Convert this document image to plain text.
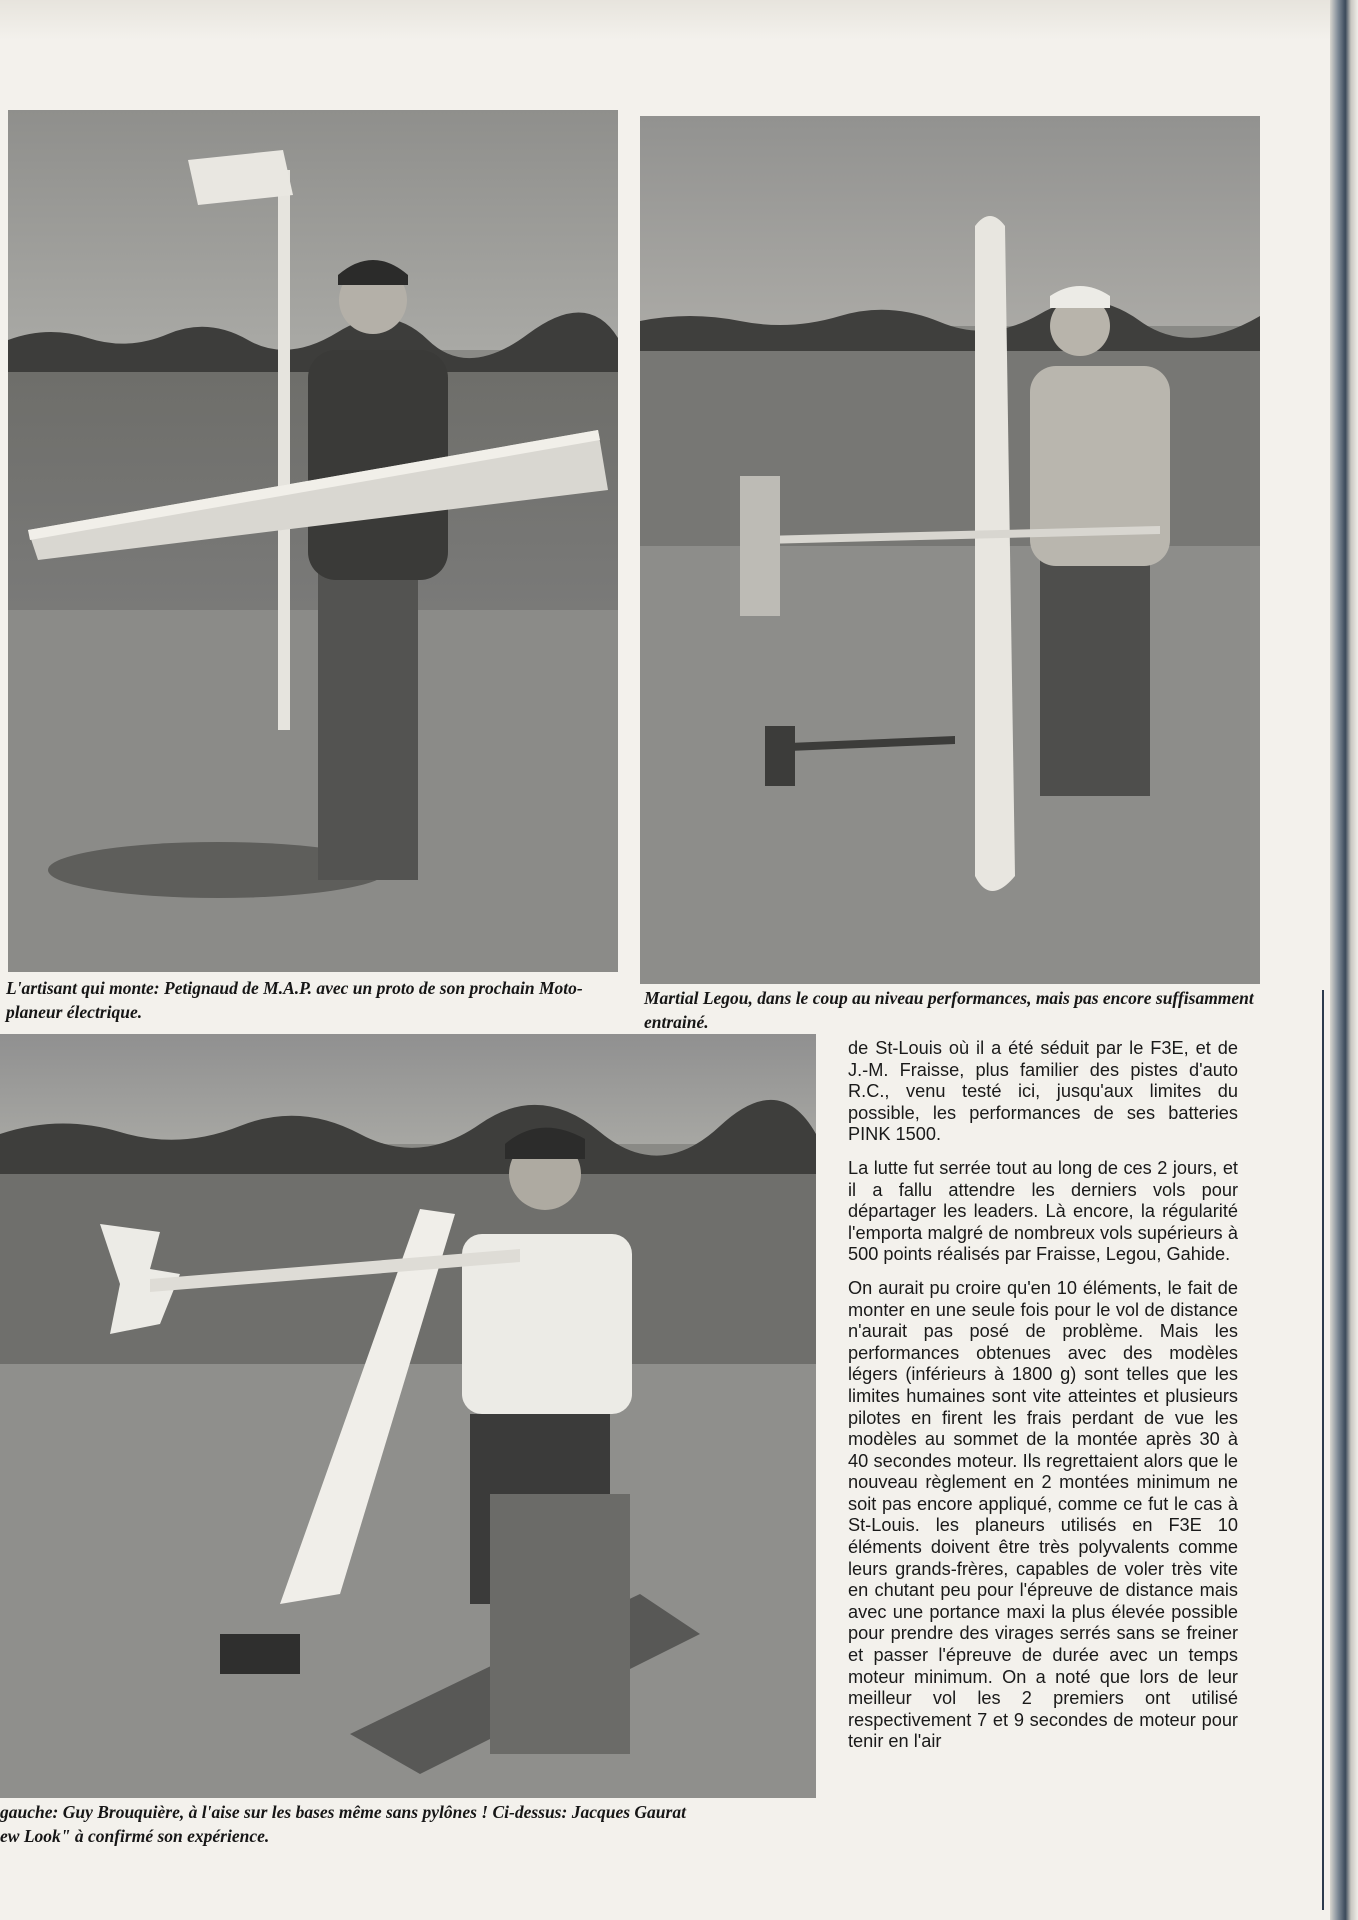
L'artisant qui monte: Petignaud de M.A.P. avec un proto de son prochain Moto-planeur électrique.

Martial Legou, dans le coup au niveau performances, mais pas encore suffisamment entrainé.

gauche: Guy Brouquière, à l'aise sur les bases même sans pylônes ! Ci-dessus: Jacques Gaurat
ew Look" à confirmé son expérience.

de St-Louis où il a été séduit par le F3E, et de J.-M. Fraisse, plus familier des pistes d'auto R.C., venu testé ici, jusqu'aux limites du possible, les performances de ses batteries PINK 1500.

La lutte fut serrée tout au long de ces 2 jours, et il a fallu attendre les derniers vols pour départager les leaders. Là encore, la régularité l'emporta malgré de nombreux vols supérieurs à 500 points réalisés par Fraisse, Legou, Gahide.

On aurait pu croire qu'en 10 éléments, le fait de monter en une seule fois pour le vol de distance n'aurait pas posé de problème. Mais les performances obtenues avec des modèles légers (inférieurs à 1800 g) sont telles que les limites humaines sont vite atteintes et plusieurs pilotes en firent les frais perdant de vue les modèles au sommet de la montée après 30 à 40 secondes moteur. Ils regrettaient alors que le nouveau règlement en 2 montées minimum ne soit pas encore appliqué, comme ce fut le cas à St-Louis. les planeurs utilisés en F3E 10 éléments doivent être très polyvalents comme leurs grands-frères, capables de voler très vite en chutant peu pour l'épreuve de distance mais avec une portance maxi la plus élevée possible pour prendre des virages serrés sans se freiner et passer l'épreuve de durée avec un temps moteur minimum. On a noté que lors de leur meilleur vol les 2 premiers ont utilisé respectivement 7 et 9 secondes de moteur pour tenir en l'air
